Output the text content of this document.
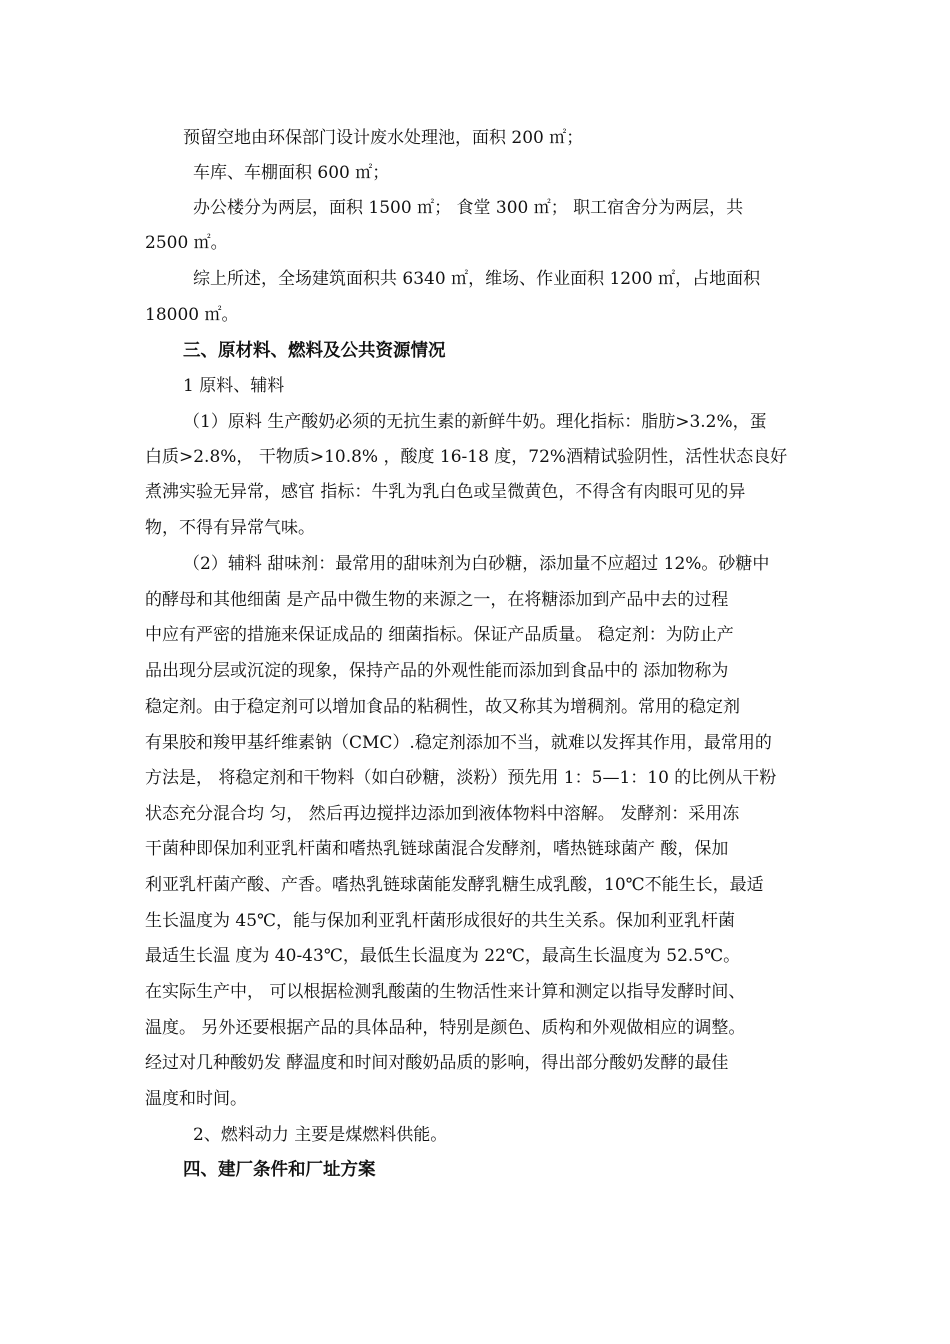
预留空地由环保部门设计废水处理池，面积 200 ㎡；
车库、车棚面积 600 ㎡；
办公楼分为两层，面积 1500 ㎡； 食堂 300 ㎡； 职工宿舍分为两层，共
2500 ㎡。
综上所述，全场建筑面积共 6340 ㎡，维场、作业面积 1200 ㎡，占地面积
18000 ㎡。
三、原材料、燃料及公共资源情况
1 原料、辅料
（1）原料 生产酸奶必须的无抗生素的新鲜牛奶。理化指标：脂肪>3.2%，蛋
白质>2.8%， 干物质>10.8% ，酸度 16-18 度，72%酒精试验阴性，活性状态良好
煮沸实验无异常，感官 指标：牛乳为乳白色或呈微黄色，不得含有肉眼可见的异
物，不得有异常气味。
（2）辅料 甜味剂：最常用的甜味剂为白砂糖，添加量不应超过 12%。砂糖中
的酵母和其他细菌 是产品中微生物的来源之一，在将糖添加到产品中去的过程
中应有严密的措施来保证成品的 细菌指标。保证产品质量。 稳定剂：为防止产
品出现分层或沉淀的现象，保持产品的外观性能而添加到食品中的 添加物称为
稳定剂。由于稳定剂可以增加食品的粘稠性，故又称其为增稠剂。常用的稳定剂
有果胶和羧甲基纤维素钠（CMC）.稳定剂添加不当，就难以发挥其作用，最常用的
方法是， 将稳定剂和干物料（如白砂糖，淡粉）预先用 1：5—1：10 的比例从干粉
状态充分混合均 匀， 然后再边搅拌边添加到液体物料中溶解。 发酵剂：采用冻
干菌种即保加利亚乳杆菌和嗜热乳链球菌混合发酵剂，嗜热链球菌产 酸，保加
利亚乳杆菌产酸、产香。嗜热乳链球菌能发酵乳糖生成乳酸，10℃不能生长，最适
生长温度为 45℃，能与保加利亚乳杆菌形成很好的共生关系。保加利亚乳杆菌
最适生长温 度为 40-43℃，最低生长温度为 22℃，最高生长温度为 52.5℃。
在实际生产中， 可以根据检测乳酸菌的生物活性来计算和测定以指导发酵时间、
温度。 另外还要根据产品的具体品种，特别是颜色、质构和外观做相应的调整。
经过对几种酸奶发 酵温度和时间对酸奶品质的影响，得出部分酸奶发酵的最佳
温度和时间。
2、燃料动力 主要是煤燃料供能。
四、建厂条件和厂址方案
